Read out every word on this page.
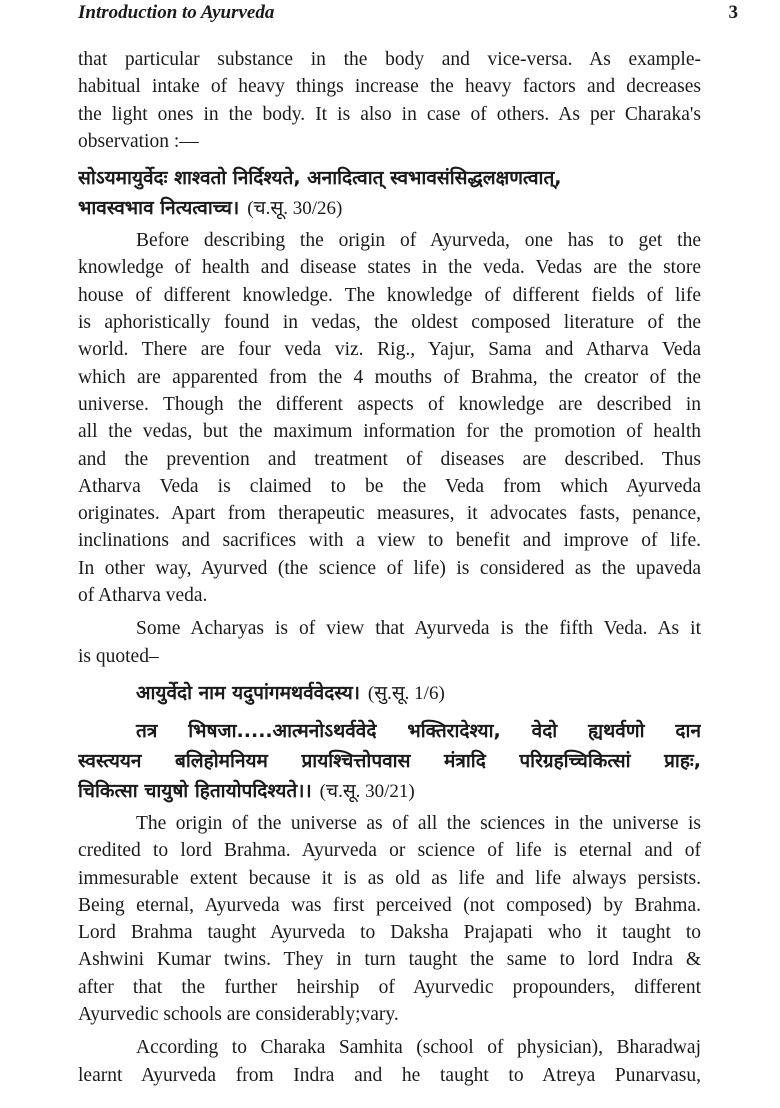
Introduction to Ayurveda	3
that particular substance in the body and vice-versa. As example-
habitual intake of heavy things increase the heavy factors and decreases
the light ones in the body. It is also in case of others. As per Charaka's
observation :—
सोऽयमायुर्वेदः शाश्वतो निर्दिश्यते, अनादित्वात् स्वभावसंसिद्धलक्षणत्वात्,
भावस्वभाव नित्यत्वाच्च। (च.सू. 30/26)
Before describing the origin of Ayurveda, one has to get the
knowledge of health and disease states in the veda. Vedas are the store
house of different knowledge. The knowledge of different fields of life
is aphoristically found in vedas, the oldest composed literature of the
world. There are four veda viz. Rig., Yajur, Sama and Atharva Veda
which are apparented from the 4 mouths of Brahma, the creator of the
universe. Though the different aspects of knowledge are described in
all the vedas, but the maximum information for the promotion of health
and the prevention and treatment of diseases are described. Thus
Atharva Veda is claimed to be the Veda from which Ayurveda
originates. Apart from therapeutic measures, it advocates fasts, penance,
inclinations and sacrifices with a view to benefit and improve of life.
In other way, Ayurved (the science of life) is considered as the upaveda
of Atharva veda.
Some Acharyas is of view that Ayurveda is the fifth Veda. As it
is quoted–
आयुर्वेदो नाम यदुपांगमथर्ववेदस्य। (सु.सू. 1/6)
तत्र भिषजा.....आत्मनोऽथर्ववेदे भक्तिरादेश्या, वेदो ह्यथर्वणो दान
स्वस्त्ययन बलिहोमनियम प्रायश्चित्तोपवास मंत्रादि परिग्रहच्चिकित्सां प्राहः,
चिकित्सा चायुषो हितायोपदिश्यते।। (च.सू. 30/21)
The origin of the universe as of all the sciences in the universe is
credited to lord Brahma. Ayurveda or science of life is eternal and of
immesurable extent because it is as old as life and life always persists.
Being eternal, Ayurveda was first perceived (not composed) by Brahma.
Lord Brahma taught Ayurveda to Daksha Prajapati who it taught to
Ashwini Kumar twins. They in turn taught the same to lord Indra &
after that the further heirship of Ayurvedic propounders, different
Ayurvedic schools are considerably;vary.
According to Charaka Samhita (school of physician), Bharadwaj
learnt Ayurveda from Indra and he taught to Atreya Punarvasu,
